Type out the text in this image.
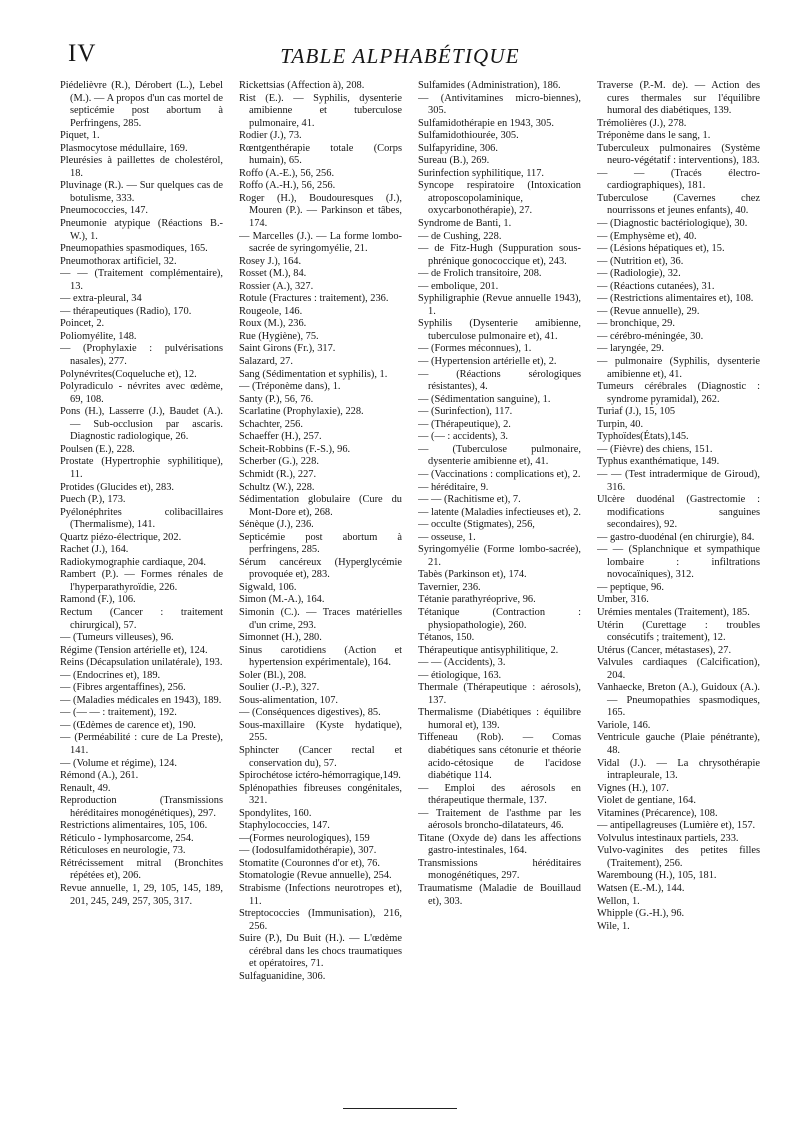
IV	TABLE ALPHABÉTIQUE

Piédelièvre (R.), Dérobert (L.), Lebel (M.). — A propos d'un cas mortel de septicémie post abortum à Perfringens, 285.

Piquet, 1.

Plasmocytose médullaire, 169.

Pleurésies à paillettes de cholestérol, 18.

Pluvinage (R.). — Sur quelques cas de botulisme, 333.

Pneumococcies, 147.

Pneumonie atypique (Réactions B.-W.), 1.

Pneumopathies spasmodiques, 165.

Pneumothorax artificiel, 32.

— — (Traitement complémentaire), 13.

— extra-pleural, 34

— thérapeutiques (Radio), 170.

Poincet, 2.

Poliomyélite, 148.

— (Prophylaxie : pulvérisations nasales), 277.

Polynévrites(Coqueluche et), 12.

Polyradiculo - névrites avec œdème, 69, 108.

Pons (H.), Lasserre (J.), Baudet (A.). — Sub-occlusion par ascaris. Diagnostic radiologique, 26.

Poulsen (E.), 228.

Prostate (Hypertrophie syphilitique), 11.

Protides (Glucides et), 283.

Puech (P.), 173.

Pyélonéphrites colibacillaires (Thermalisme), 141.

Quartz piézo-électrique, 202.

Rachet (J.), 164.

Radiokymographie cardiaque, 204.

Rambert (P.). — Formes rénales de l'hyperparathyroïdie, 226.

Ramond (F.), 106.

Rectum (Cancer : traitement chirurgical), 57.

— (Tumeurs villeuses), 96.

Régime (Tension artérielle et), 124.

Reins (Décapsulation unilatérale), 193.

— (Endocrines et), 189.

— (Fibres argentaffines), 256.

— (Maladies médicales en 1943), 189.

— (— — : traitement), 192.

— (Œdèmes de carence et), 190.

— (Perméabilité : cure de La Preste), 141.

— (Volume et régime), 124.

Rémond (A.), 261.

Renault, 49.

Reproduction (Transmissions héréditaires monogénétiques), 297.

Restrictions alimentaires, 105, 106.

Réticulo - lymphosarcome, 254.

Réticuloses en neurologie, 73.

Rétrécissement mitral (Bronchites répétées et), 206.

Revue annuelle, 1, 29, 105, 145, 189, 201, 245, 249, 257, 305, 317.

Rickettsias (Affection à), 208.

Rist (E.). — Syphilis, dysenterie amibienne et tuberculose pulmonaire, 41.

Rodier (J.), 73.

Rœntgenthérapie totale (Corps humain), 65.

Roffo (A.-E.), 56, 256.

Roffo (A.-H.), 56, 256.

Roger (H.), Boudouresques (J.), Mouren (P.). — Parkinson et tâbes, 174.

— Marcelles (J.). — La forme lombo-sacrée de syringomyélie, 21.

Rosey J.), 164.

Rosset (M.), 84.

Rossier (A.), 327.

Rotule (Fractures : traitement), 236.

Rougeole, 146.

Roux (M.), 236.

Rue (Hygiène), 75.

Saint Girons (Fr.), 317.

Salazard, 27.

Sang (Sédimentation et syphilis), 1.

— (Tréponème dans), 1.

Santy (P.), 56, 76.

Scarlatine (Prophylaxie), 228.

Schachter, 256.

Schaeffer (H.), 257.

Scheit-Robbins (F.-S.), 96.

Scherber (G.), 228.

Schmidt (R.), 227.

Schultz (W.), 228.

Sédimentation globulaire (Cure du Mont-Dore et), 268.

Sénèque (J.), 236.

Septicémie post abortum à perfringens, 285.

Sérum cancéreux (Hyperglycémie provoquée et), 283.

Sigwald, 106.

Simon (M.-A.), 164.

Simonin (C.). — Traces matérielles d'un crime, 293.

Simonnet (H.), 280.

Sinus carotidiens (Action et hypertension expérimentale), 164.

Soler (Bl.), 208.

Soulier (J.-P.), 327.

Sous-alimentation, 107.

— (Conséquences digestives), 85.

Sous-maxillaire (Kyste hydatique), 255.

Sphincter (Cancer rectal et conservation du), 57.

Spirochétose ictéro-hémorragique,149.

Splénopathies fibreuses congénitales, 321.

Spondylites, 160.

Staphylococcies, 147.

—(Formes neurologiques), 159

— (Iodosulfamidothérapie), 307.

Stomatite (Couronnes d'or et), 76.

Stomatologie (Revue annuelle), 254.

Strabisme (Infections neurotropes et), 11.

Streptococcies (Immunisation), 216, 256.

Suire (P.), Du Buit (H.). — L'œdème cérébral dans les chocs traumatiques et opératoires, 71.

Sulfaguanidine, 306.

Sulfamides (Administration), 186.

— (Antivitamines micro-biennes), 305.

Sulfamidothérapie en 1943, 305.

Sulfamidothiourée, 305.

Sulfapyridine, 306.

Sureau (B.), 269.

Surinfection syphilitique, 117.

Syncope respiratoire (Intoxication atroposcopolaminique, oxycarbonothérapie), 27.

Syndrome de Banti, 1.

— de Cushing, 228.

— de Fitz-Hugh (Suppuration sous-phrénique gonococcique et), 243.

— de Frolich transitoire, 208.

— embolique, 201.

Syphiligraphie (Revue annuelle 1943), 1.

Syphilis (Dysenterie amibienne, tuberculose pulmonaire et), 41.

— (Formes méconnues), 1.

— (Hypertension artérielle et), 2.

— (Réactions sérologiques résistantes), 4.

— (Sédimentation sanguine), 1.

— (Surinfection), 117.

— (Thérapeutique), 2.

— (— : accidents), 3.

— (Tuberculose pulmonaire, dysenterie amibienne et), 41.

— (Vaccinations : complications et), 2.

— héréditaire, 9.

— — (Rachitisme et), 7.

— latente (Maladies infectieuses et), 2.

— occulte (Stigmates), 256,

— osseuse, 1.

Syringomyélie (Forme lombo-sacrée), 21.

Tabès (Parkinson et), 174.

Tavernier, 236.

Tétanie parathyréoprive, 96.

Tétanique (Contraction : physiopathologie), 260.

Tétanos, 150.

Thérapeutique antisyphilitique, 2.

— — (Accidents), 3.

— étiologique, 163.

Thermale (Thérapeutique : aérosols), 137.

Thermalisme (Diabétiques : équilibre humoral et), 139.

Tiffeneau (Rob). — Comas diabétiques sans cétonurie et théorie acido-cétosique de l'acidose diabétique 114.

— Emploi des aérosols en thérapeutique thermale, 137.

— Traitement de l'asthme par les aérosols broncho-dilatateurs, 46.

Titane (Oxyde de) dans les affections gastro-intestinales, 164.

Transmissions héréditaires monogénétiques, 297.

Traumatisme (Maladie de Bouillaud et), 303.

Traverse (P.-M. de). — Action des cures thermales sur l'équilibre humoral des diabétiques, 139.

Trémolières (J.), 278.

Tréponème dans le sang, 1.

Tuberculeux pulmonaires (Système neuro-végétatif : interventions), 183.

— — (Tracés électro-cardiographiques), 181.

Tuberculose (Cavernes chez nourrissons et jeunes enfants), 40.

— (Diagnostic bactériologique), 30.

— (Emphysème et), 40.

— (Lésions hépatiques et), 15.

— (Nutrition et), 36.

— (Radiologie), 32.

— (Réactions cutanées), 31.

— (Restrictions alimentaires et), 108.

— (Revue annuelle), 29.

— bronchique, 29.

— cérébro-méningée, 30.

— laryngée, 29.

— pulmonaire (Syphilis, dysenterie amibienne et), 41.

Tumeurs cérébrales (Diagnostic : syndrome pyramidal), 262.

Turiaf (J.), 15, 105

Turpin, 40.

Typhoïdes(États),145.

— (Fièvre) des chiens, 151.

Typhus exanthématique, 149.

— — (Test intradermique de Giroud), 316.

Ulcère duodénal (Gastrectomie : modifications sanguines secondaires), 92.

— gastro-duodénal (en chirurgie), 84.

— — (Splanchnique et sympathique lombaire : infiltrations novocaïniques), 312.

— peptique, 96.

Umber, 316.

Urémies mentales (Traitement), 185.

Utérin (Curettage : troubles consécutifs ; traitement), 12.

Utérus (Cancer, métastases), 27.

Valvules cardiaques (Calcification), 204.

Vanhaecke, Breton (A.), Guidoux (A.). — Pneumopathies spasmodiques, 165.

Variole, 146.

Ventricule gauche (Plaie pénétrante), 48.

Vidal (J.). — La chrysothérapie intrapleurale, 13.

Vignes (H.), 107.

Violet de gentiane, 164.

Vitamines (Précarence), 108.

— antipellagreuses (Lumière et), 157.

Volvulus intestinaux partiels, 233.

Vulvo-vaginites des petites filles (Traitement), 256.

Waremboung (H.), 105, 181.

Watsen (E.-M.), 144.

Wellon, 1.

Whipple (G.-H.), 96.

Wile, 1.
